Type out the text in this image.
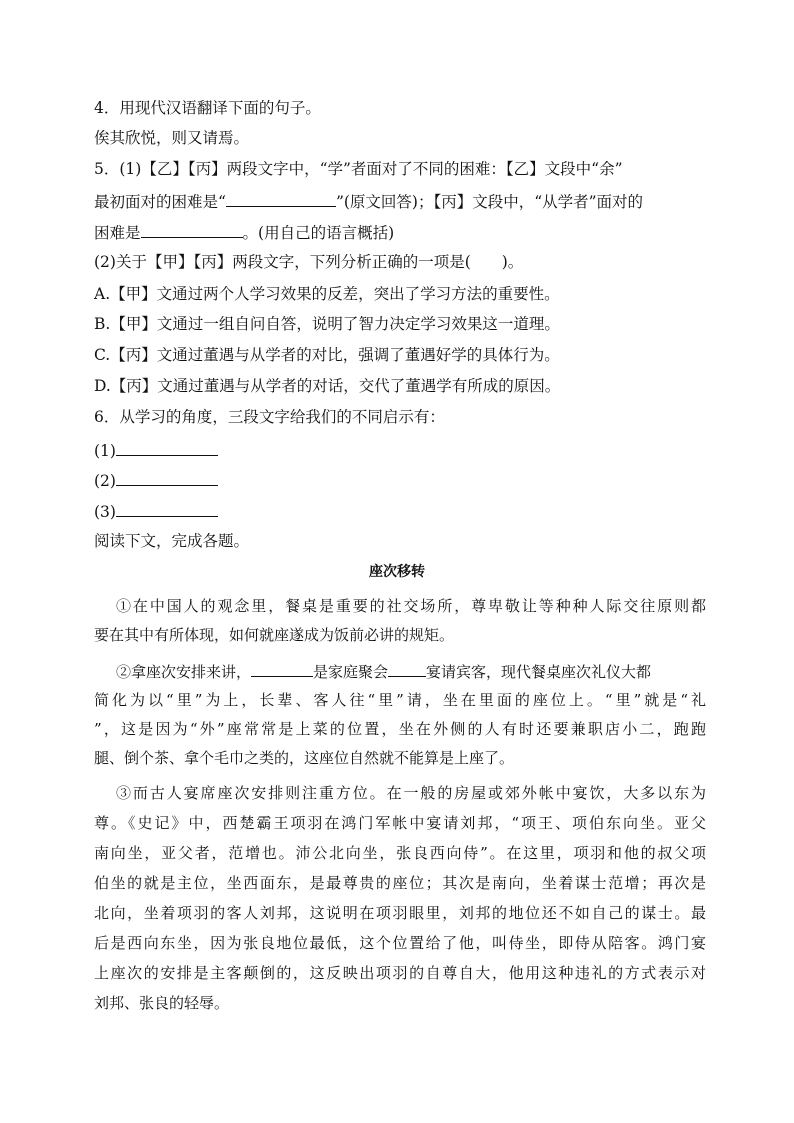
4．用现代汉语翻译下面的句子。
俟其欣悦，则又请焉。
5．(1)【乙】【丙】两段文字中，“学”者面对了不同的困难：【乙】文段中“余”
最初面对的困难是“	”(原文回答)；【丙】文段中，“从学者”面对的
困难是	。(用自己的语言概括)
(2)关于【甲】【丙】两段文字，下列分析正确的一项是(　　)。
A.【甲】文通过两个人学习效果的反差，突出了学习方法的重要性。
B.【甲】文通过一组自问自答，说明了智力决定学习效果这一道理。
C.【丙】文通过董遇与从学者的对比，强调了董遇好学的具体行为。
D.【丙】文通过董遇与从学者的对话，交代了董遇学有所成的原因。
6．从学习的角度，三段文字给我们的不同启示有：
(1)
(2)
(3)
阅读下文，完成各题。
座次移转
①在中国人的观念里，餐桌是重要的社交场所，尊卑敬让等种种人际交往原则都
要在其中有所体现，如何就座遂成为饭前必讲的规矩。
②拿座次安排来讲，	是家庭聚会	宴请宾客，现代餐桌座次礼仪大都
简化为以“里”为上，长辈、客人往“里”请，坐在里面的座位上。“里”就是“礼
”，这是因为“外”座常常是上菜的位置，坐在外侧的人有时还要兼职店小二，跑跑
腿、倒个茶、拿个毛巾之类的，这座位自然就不能算是上座了。
③而古人宴席座次安排则注重方位。在一般的房屋或郊外帐中宴饮，大多以东为
尊。《史记》中，西楚霸王项羽在鸿门军帐中宴请刘邦，“项王、项伯东向坐。亚父
南向坐，亚父者，范增也。沛公北向坐，张良西向侍”。在这里，项羽和他的叔父项
伯坐的就是主位，坐西面东，是最尊贵的座位；其次是南向，坐着谋士范增；再次是
北向，坐着项羽的客人刘邦，这说明在项羽眼里，刘邦的地位还不如自己的谋士。最
后是西向东坐，因为张良地位最低，这个位置给了他，叫侍坐，即侍从陪客。鸿门宴
上座次的安排是主客颠倒的，这反映出项羽的自尊自大，他用这种违礼的方式表示对
刘邦、张良的轻辱。
